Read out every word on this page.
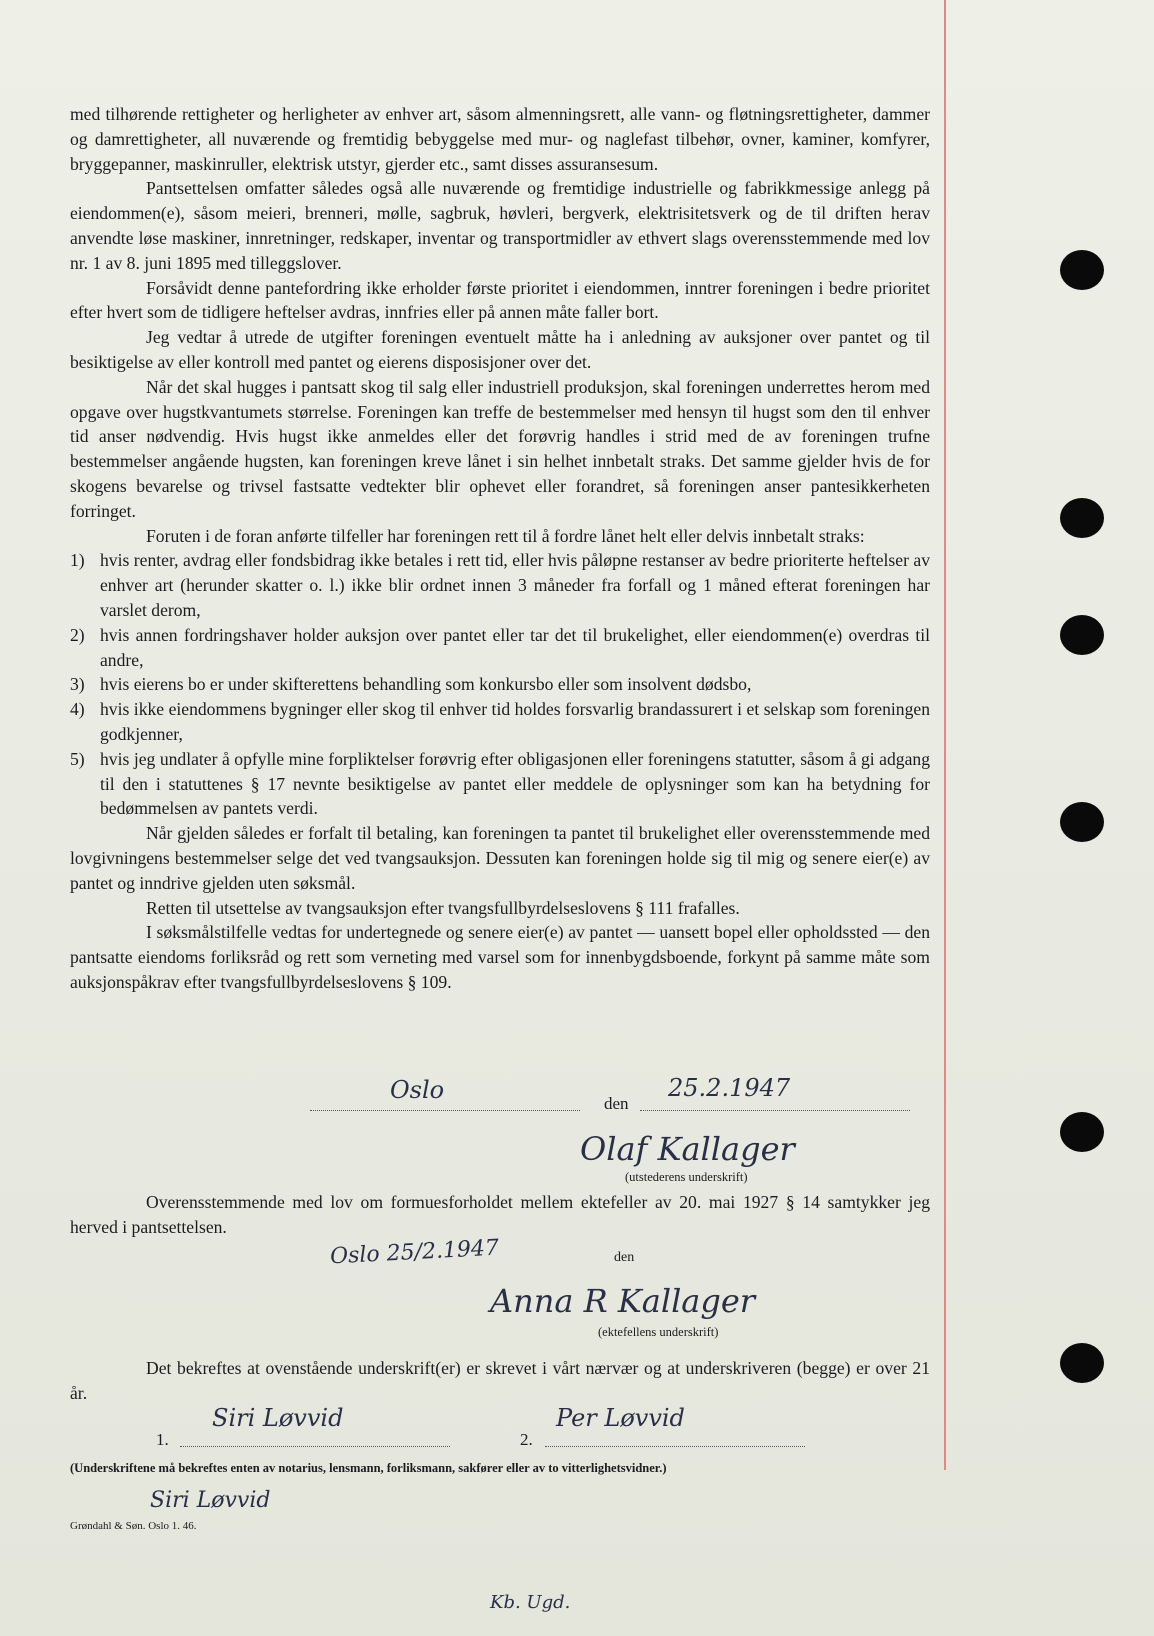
med tilhørende rettigheter og herligheter av enhver art, såsom almenningsrett, alle vann- og fløtningsrettigheter, dammer og damrettigheter, all nuværende og fremtidig bebyggelse med mur- og naglefast tilbehør, ovner, kaminer, komfyrer, bryggepanner, maskinruller, elektrisk utstyr, gjerder etc., samt disses assuransesum.

Pantsettelsen omfatter således også alle nuværende og fremtidige industrielle og fabrikkmessige anlegg på eiendommen(e), såsom meieri, brenneri, mølle, sagbruk, høvleri, bergverk, elektrisitetsverk og de til driften herav anvendte løse maskiner, innretninger, redskaper, inventar og transportmidler av ethvert slags overensstemmende med lov nr. 1 av 8. juni 1895 med tilleggslover.

Forsåvidt denne pantefordring ikke erholder første prioritet i eiendommen, inntrer foreningen i bedre prioritet efter hvert som de tidligere heftelser avdras, innfries eller på annen måte faller bort.

Jeg vedtar å utrede de utgifter foreningen eventuelt måtte ha i anledning av auksjoner over pantet og til besiktigelse av eller kontroll med pantet og eierens disposisjoner over det.

Når det skal hugges i pantsatt skog til salg eller industriell produksjon, skal foreningen underrettes herom med opgave over hugstkvantumets størrelse. Foreningen kan treffe de bestemmelser med hensyn til hugst som den til enhver tid anser nødvendig. Hvis hugst ikke anmeldes eller det forøvrig handles i strid med de av foreningen trufne bestemmelser angående hugsten, kan foreningen kreve lånet i sin helhet innbetalt straks. Det samme gjelder hvis de for skogens bevarelse og trivsel fastsatte vedtekter blir ophevet eller forandret, så foreningen anser pantesikkerheten forringet.

Foruten i de foran anførte tilfeller har foreningen rett til å fordre lånet helt eller delvis innbetalt straks:

1) hvis renter, avdrag eller fondsbidrag ikke betales i rett tid, eller hvis påløpne restanser av bedre prioriterte heftelser av enhver art (herunder skatter o. l.) ikke blir ordnet innen 3 måneder fra forfall og 1 måned efterat foreningen har varslet derom,
2) hvis annen fordringshaver holder auksjon over pantet eller tar det til brukelighet, eller eiendommen(e) overdras til andre,
3) hvis eierens bo er under skifterettens behandling som konkursbo eller som insolvent dødsbo,
4) hvis ikke eiendommens bygninger eller skog til enhver tid holdes forsvarlig brandassurert i et selskap som foreningen godkjenner,
5) hvis jeg undlater å opfylle mine forpliktelser forøvrig efter obligasjonen eller foreningens statutter, såsom å gi adgang til den i statuttenes § 17 nevnte besiktigelse av pantet eller meddele de oplysninger som kan ha betydning for bedømmelsen av pantets verdi.

Når gjelden således er forfalt til betaling, kan foreningen ta pantet til brukelighet eller overensstemmende med lovgivningens bestemmelser selge det ved tvangsauksjon. Dessuten kan foreningen holde sig til mig og senere eier(e) av pantet og inndrive gjelden uten søksmål.

Retten til utsettelse av tvangsauksjon efter tvangsfullbyrdelseslovens § 111 frafalles.

I søksmålstilfelle vedtas for undertegnede og senere eier(e) av pantet — uansett bopel eller opholdssted — den pantsatte eiendoms forliksråd og rett som verneting med varsel som for innenbygdsboende, forkynt på samme måte som auksjonspåkrav efter tvangsfullbyrdelseslovens § 109.

Oslo	den
25.2.1947
Olaf Kallager
(utstederens underskrift)
Overensstemmende med lov om formuesforholdet mellem ektefeller av 20. mai 1927 § 14 samtykker jeg herved i pantsettelsen.
Oslo 25/2.1947	den
Anna R Kallager
(ektefellens underskrift)
Det bekreftes at ovenstående underskrift(er) er skrevet i vårt nærvær og at underskriveren (begge) er over 21 år.
1.
Siri Løvvid
2.
Per Løvvid
(Underskriftene må bekreftes enten av notarius, lensmann, forliksmann, sakfører eller av to vitterlighetsvidner.)
Siri Løvvid
Grøndahl & Søn. Oslo 1. 46.
Kb. Ugd.
